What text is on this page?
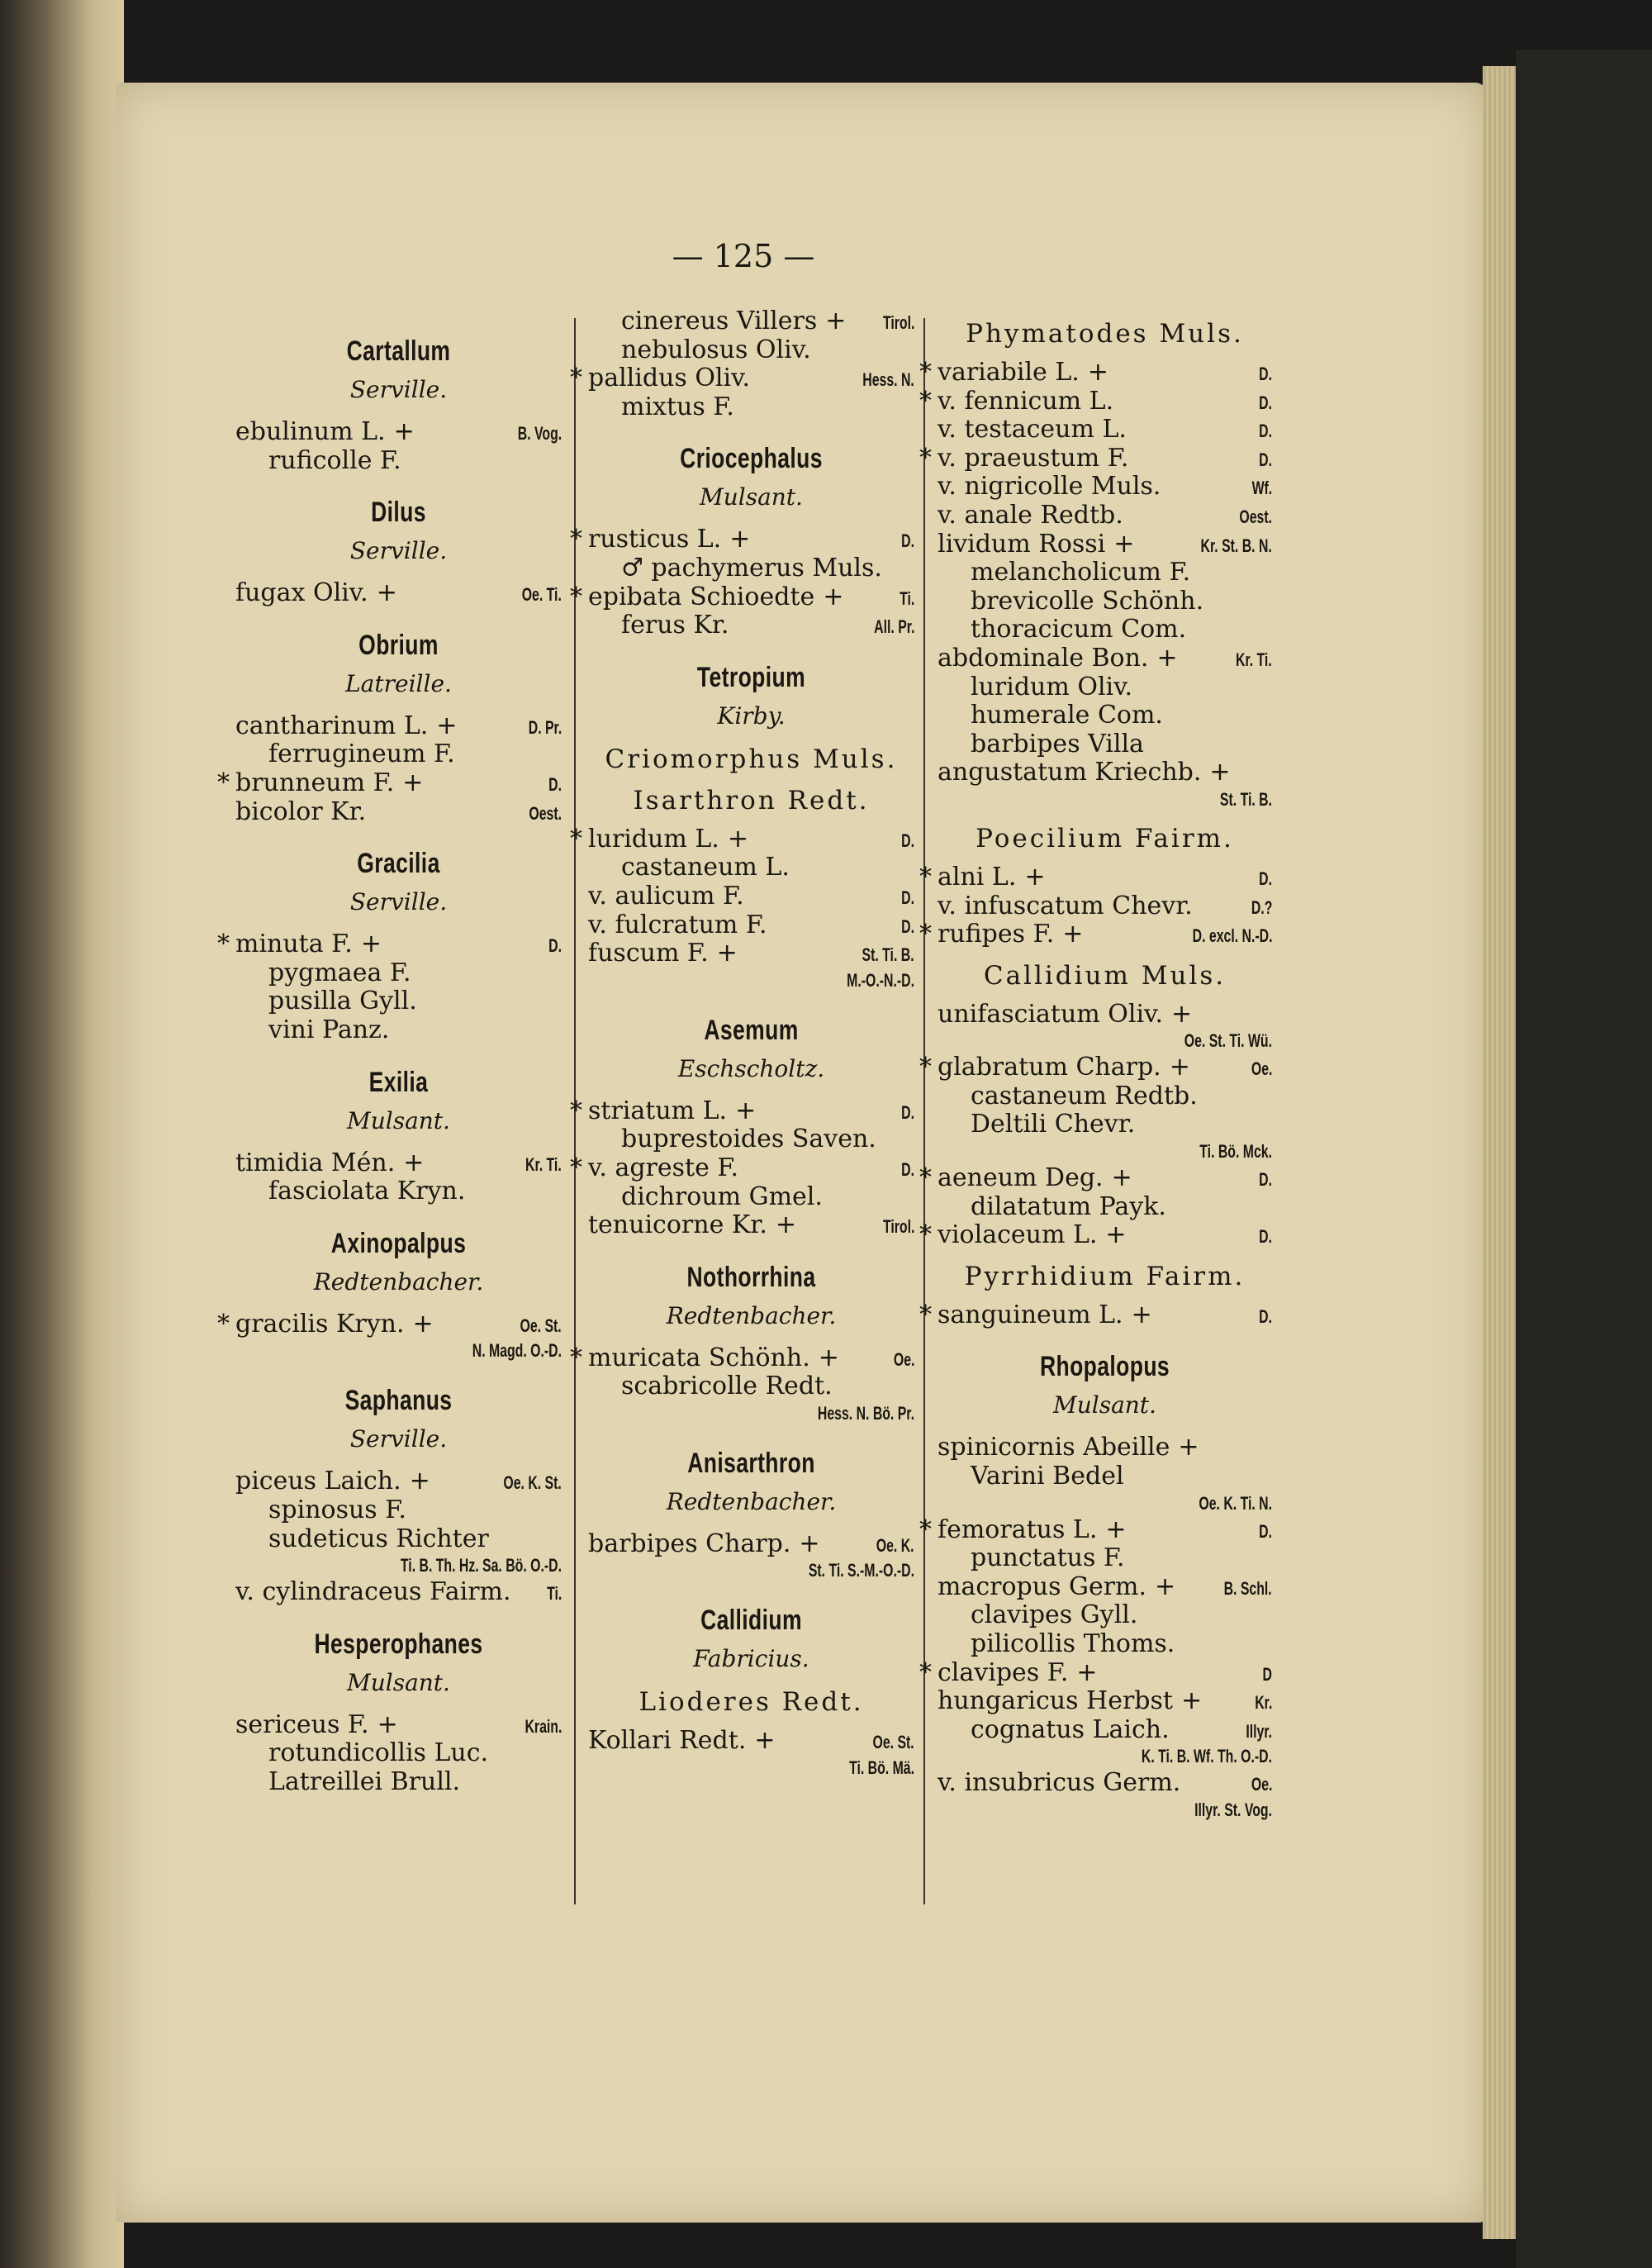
— 125 —
Cartallum
Serville.
ebulinum L. +	B. Vog.
ruficolle F.
Dilus
Serville.
fugax Oliv. +	Oe. Ti.
Obrium
Latreille.
cantharinum L. +	D. Pr.
ferrugineum F.
* brunneum F. +	D.
bicolor Kr.	Oest.
Gracilia
Serville.
* minuta F. +	D.
pygmaea F.
pusilla Gyll.
vini Panz.
Exilia
Mulsant.
timidia Mén. +	Kr. Ti.
fasciolata Kryn.
Axinopalpus
Redtenbacher.
* gracilis Kryn. +	Oe. St.
N. Magd. O.-D.
Saphanus
Serville.
piceus Laich. +	Oe. K. St.
spinosus F.
sudeticus Richter
Ti. B. Th. Hz. Sa. Bö. O.-D.
v. cylindraceus Fairm. Ti.
Hesperophanes
Mulsant.
sericeus F. +	Krain.
rotundicollis Luc.
Latreillei Brull.
cinereus Villers + Tirol.
nebulosus Oliv.
* pallidus Oliv.	Hess. N.
mixtus F.
Criocephalus
Mulsant.
* rusticus L. +	D.
♂ pachymerus Muls.
* epibata Schioedte +	Ti.
ferus Kr.	All. Pr.
Tetropium
Kirby.
Criomorphus Muls.
Isarthron Redt.
* luridum L. +	D.
castaneum L.
v. aulicum F.	D.
v. fulcratum F.	D.
fuscum F. +	St. Ti. B.
M.-O.-N.-D.
Asemum
Eschscholtz.
* striatum L. +	D.
buprestoides Saven.
* v. agreste F.	D.
dichroum Gmel.
tenuicorne Kr. +	Tirol.
Nothorrhina
Redtenbacher.
* muricata Schönh. +	Oe.
scabricolle Redt.
Hess. N. Bö. Pr.
Anisarthron
Redtenbacher.
barbipes Charp. +	Oe. K.
St. Ti. S.-M.-O.-D.
Callidium
Fabricius.
Lioderes Redt.
Kollari Redt. +	Oe. St.
Ti. Bö. Mä.
Phymatodes Muls.
* variabile L. +	D.
* v. fennicum L.	D.
v. testaceum L.	D.
* v. praeustum F.	D.
v. nigricolle Muls.	Wf.
v. anale Redtb.	Oest.
lividum Rossi +	Kr. St. B. N.
melancholicum F.
brevicolle Schönh.
thoracicum Com.
abdominale Bon. +	Kr. Ti.
luridum Oliv.
humerale Com.
barbipes Villa
angustatum Kriechb. +
St. Ti. B.
Poecilium Fairm.
* alni L. +	D.
v. infuscatum Chevr.	D.?
* rufipes F. +	D. excl. N.-D.
Callidium Muls.
unifasciatum Oliv. +
Oe. St. Ti. Wü.
* glabratum Charp. +	Oe.
castaneum Redtb.
Deltili Chevr.
Ti. Bö. Mck.
* aeneum Deg. +	D.
dilatatum Payk.
* violaceum L. +	D.
Pyrrhidium Fairm.
* sanguineum L. +	D.
Rhopalopus
Mulsant.
spinicornis Abeille +
Varini Bedel
Oe. K. Ti. N.
* femoratus L. +	D.
punctatus F.
macropus Germ. +	B. Schl.
clavipes Gyll.
pilicollis Thoms.
* clavipes F. +	D
hungaricus Herbst +	Kr.
cognatus Laich.	Illyr.
K. Ti. B. Wf. Th. O.-D.
v. insubricus Germ.	Oe.
Illyr. St. Vog.
